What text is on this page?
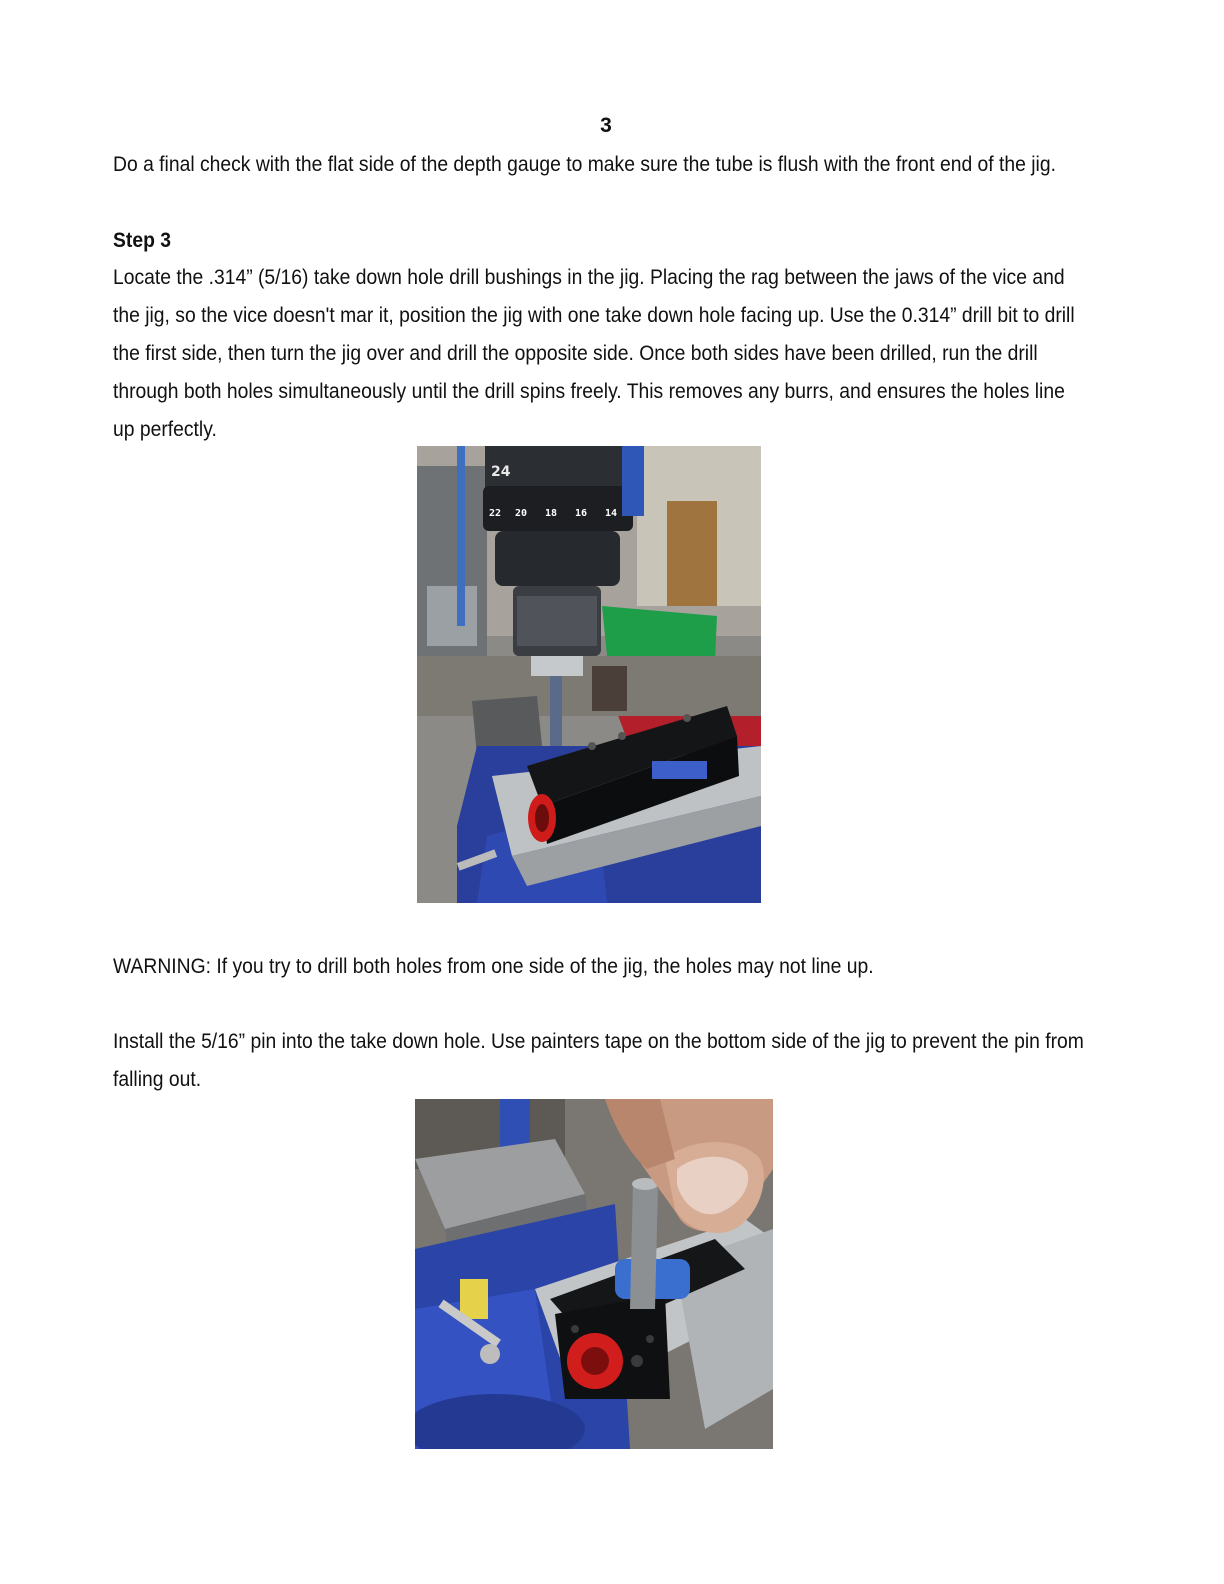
3
Do a final check with the flat side of the depth gauge to make sure the tube is flush with the front end of the jig.
Step 3
Locate the .314” (5/16) take down hole drill bushings in the jig. Placing the rag between the jaws of the vice and
the jig, so the vice doesn't mar it, position the jig with one take down hole facing up. Use the 0.314” drill bit to drill
the first side, then turn the jig over and drill the opposite side. Once both sides have been drilled, run the drill
through both holes simultaneously until the drill spins freely. This removes any burrs, and ensures the holes line
up perfectly.
22 20 18 16 14
24
WARNING: If you try to drill both holes from one side of the jig, the holes may not line up.
Install the 5/16” pin into the take down hole. Use painters tape on the bottom side of the jig to prevent the pin from
falling out.
